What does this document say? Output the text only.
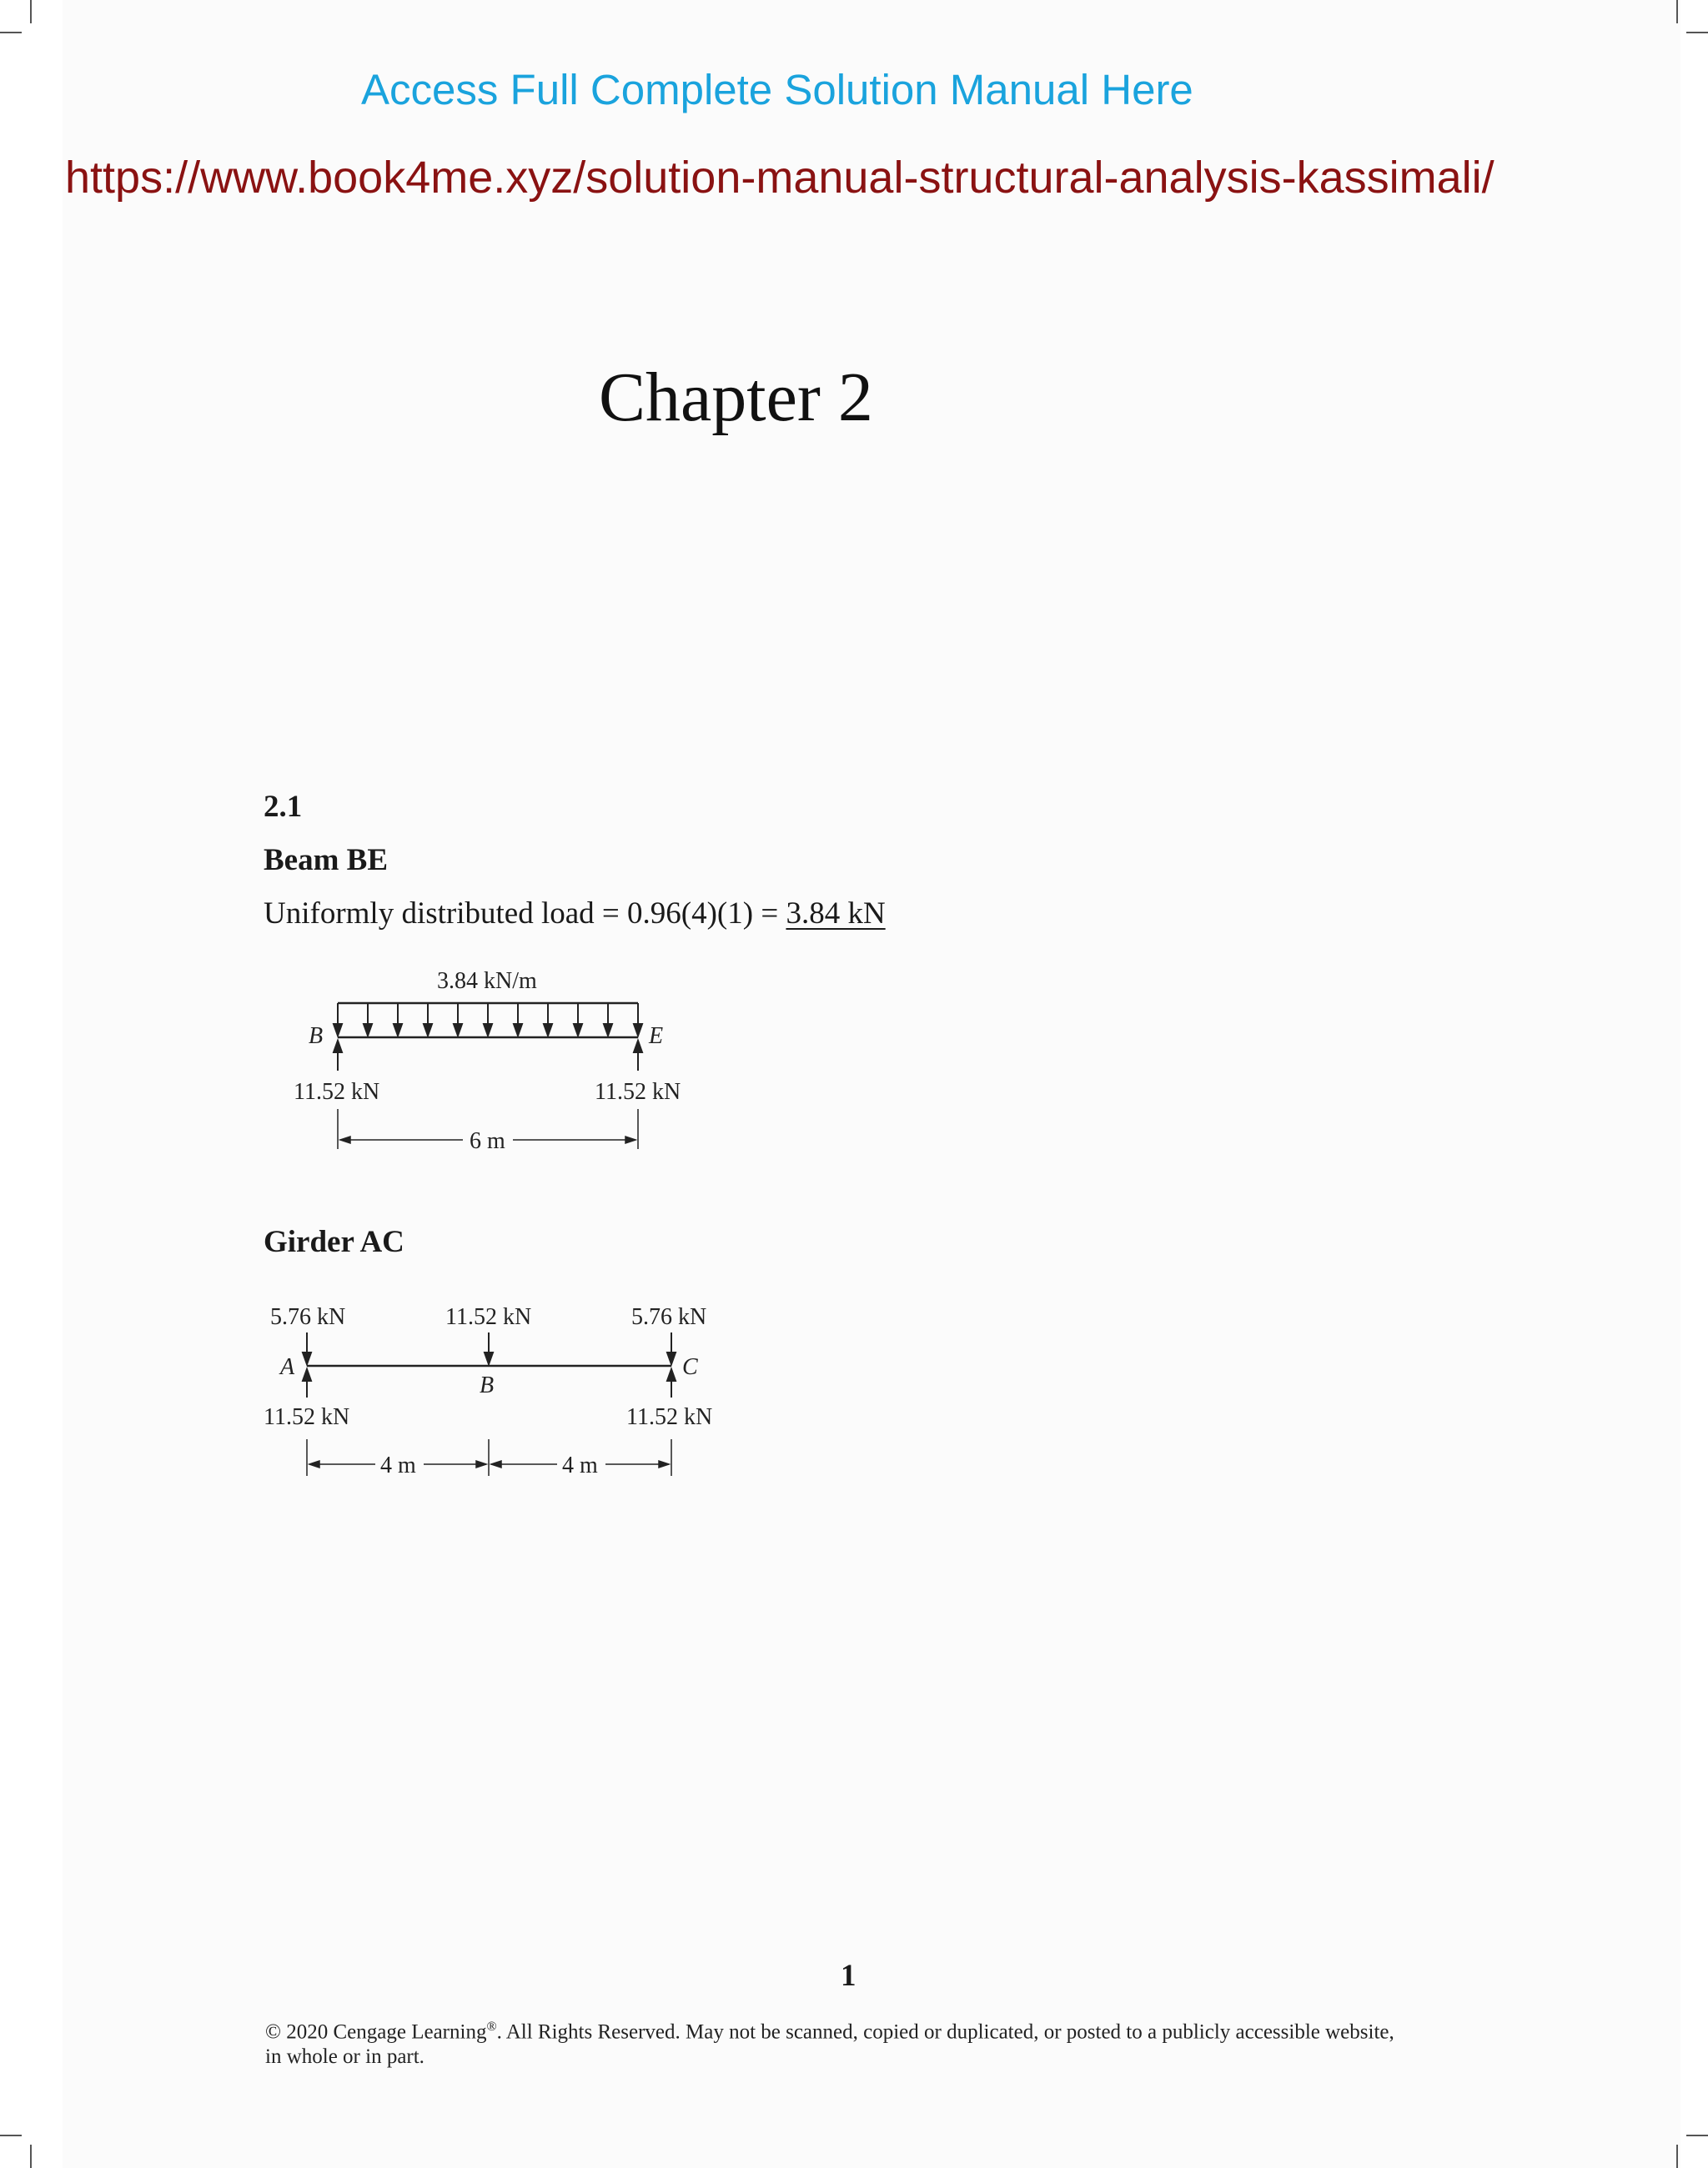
Access Full Complete Solution Manual Here
https://www.book4me.xyz/solution-manual-structural-analysis-kassimali/
Chapter 2
2.1
Beam BE
Uniformly distributed load = 0.96(4)(1) = 3.84 kN
3.84 kN/m
B	E
11.52 kN	11.52 kN
6 m
Girder AC
5.76 kN	11.52 kN	5.76 kN
A
B
C
11.52 kN	11.52 kN
4 m	4 m
1
© 2020 Cengage Learning®. All Rights Reserved. May not be scanned, copied or duplicated, or posted to a publicly accessible website,
in whole or in part.
